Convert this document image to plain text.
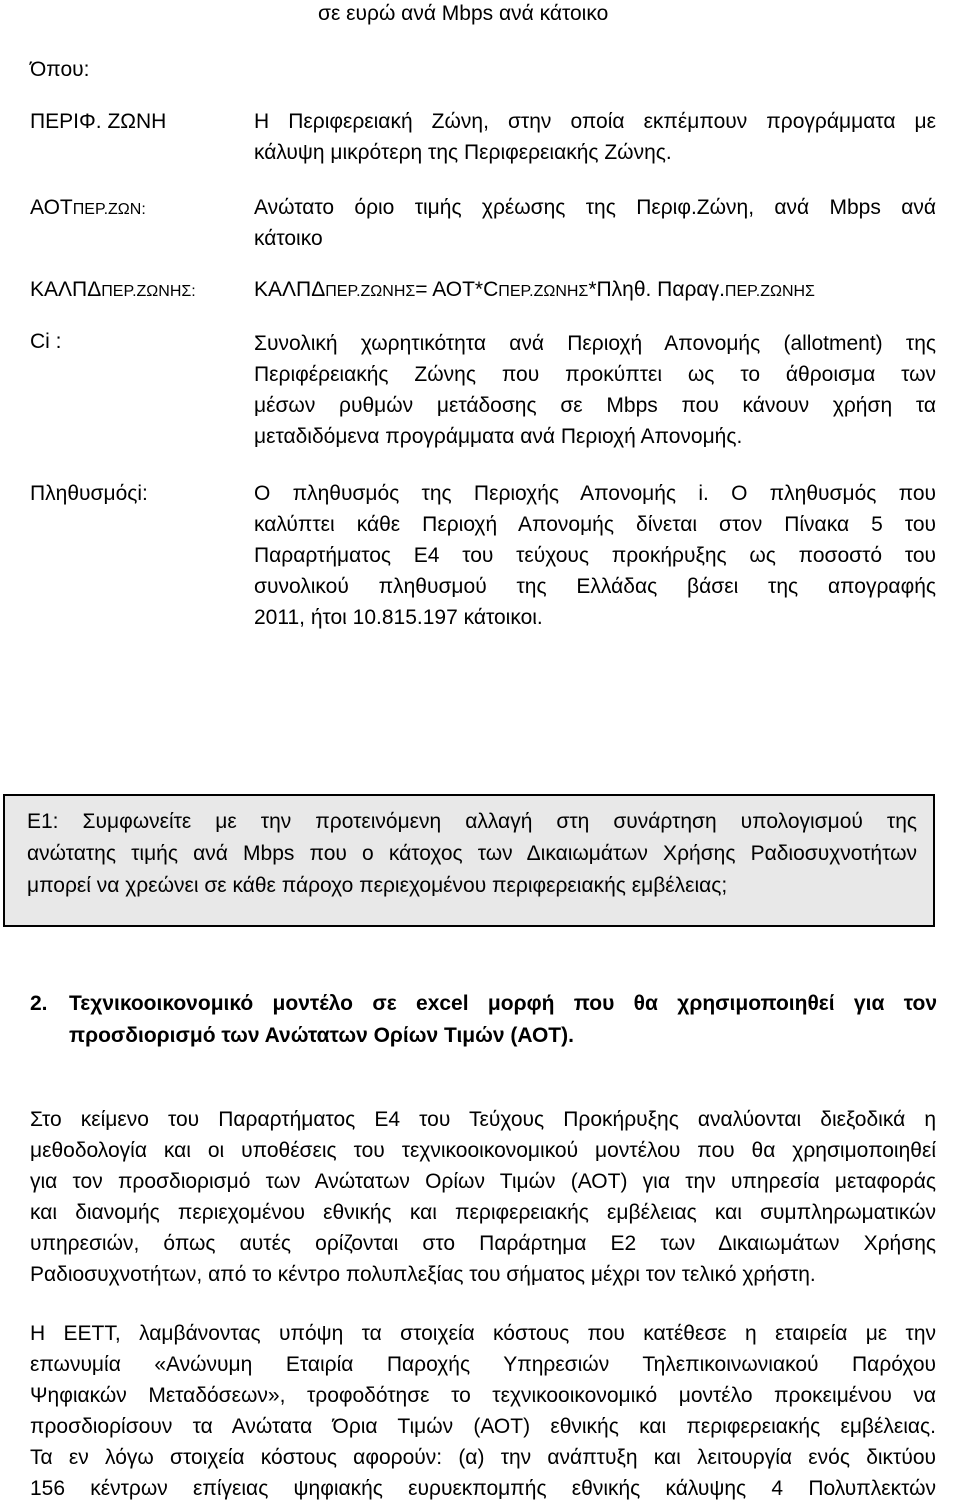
σε ευρώ ανά Mbps ανά κάτοικο
Όπου:
ΠΕΡΙΦ. ΖΩΝΗ	Η Περιφερειακή Ζώνη, στην οποία εκπέμπουν προγράμματα με

κάλυψη μικρότερη της Περιφερειακής Ζώνης.

ΑΟΤΠΕΡ.ΖΩΝ:	Ανώτατο όριο τιμής χρέωσης της Περιφ.Ζώνη, ανά Mbps ανά

κάτοικο

ΚΑΛΠΔΠΕΡ.ΖΩΝΗΣ:	ΚΑΛΠΔΠΕΡ.ΖΩΝΗΣ= ΑΟΤ*CΠΕΡ.ΖΩΝΗΣ*Πληθ. Παραγ.ΠΕΡ.ΖΩΝΗΣ
Ci :	Συνολική χωρητικότητα ανά Περιοχή Απονομής (allotment) της

Περιφέρειακής Ζώνης που προκύπτει ως το άθροισμα των

μέσων ρυθμών μετάδοσης σε Mbps που κάνουν χρήση τα

μεταδιδόμενα προγράμματα ανά Περιοχή Απονομής.

Πληθυσμόςi:	Ο πληθυσμός της Περιοχής Απονομής i. Ο πληθυσμός που

καλύπτει κάθε Περιοχή Απονομής δίνεται στον Πίνακα 5 του

Παραρτήματος Ε4 του τεύχους προκήρυξης ως ποσοστό του

συνολικού πληθυσμού της Ελλάδας βάσει της απογραφής

2011, ήτοι 10.815.197 κάτοικοι.

Ε1: Συμφωνείτε με την προτεινόμενη αλλαγή στη συνάρτηση υπολογισμού της

ανώτατης τιμής ανά Mbps που ο κάτοχος των Δικαιωμάτων Χρήσης Ραδιοσυχνοτήτων

μπορεί να χρεώνει σε κάθε πάροχο περιεχομένου περιφερειακής εμβέλειας;

2. Τεχνικοοικονομικό μοντέλο σε excel μορφή που θα χρησιμοποιηθεί για τον
προσδιορισμό των Ανώτατων Ορίων Τιμών (ΑΟΤ).

Στο κείμενο του Παραρτήματος Ε4 του Τεύχους Προκήρυξης αναλύονται διεξοδικά η

μεθοδολογία και οι υποθέσεις του τεχνικοοικονομικού μοντέλου που θα χρησιμοποιηθεί

για τον προσδιορισμό των Ανώτατων Ορίων Τιμών (ΑΟΤ) για την υπηρεσία μεταφοράς

και διανομής περιεχομένου εθνικής και περιφερειακής εμβέλειας και συμπληρωματικών

υπηρεσιών, όπως αυτές ορίζονται στο Παράρτημα Ε2 των Δικαιωμάτων Χρήσης

Ραδιοσυχνοτήτων, από το κέντρο πολυπλεξίας του σήματος μέχρι τον τελικό χρήστη.

Η ΕΕΤΤ, λαμβάνοντας υπόψη τα στοιχεία κόστους που κατέθεσε η εταιρεία με την

επωνυμία «Ανώνυμη Εταιρία Παροχής Υπηρεσιών Τηλεπικοινωνιακού Παρόχου

Ψηφιακών Μεταδόσεων», τροφοδότησε το τεχνικοοικονομικό μοντέλο προκειμένου να

προσδιορίσουν τα Ανώτατα Όρια Τιμών (ΑΟΤ) εθνικής και περιφερειακής εμβέλειας.

Τα εν λόγω στοιχεία κόστους αφορούν: (α) την ανάπτυξη και λειτουργία ενός δικτύου

156 κέντρων επίγειας ψηφιακής ευρυεκπομπής εθνικής κάλυψης 4 Πολυπλεκτών
